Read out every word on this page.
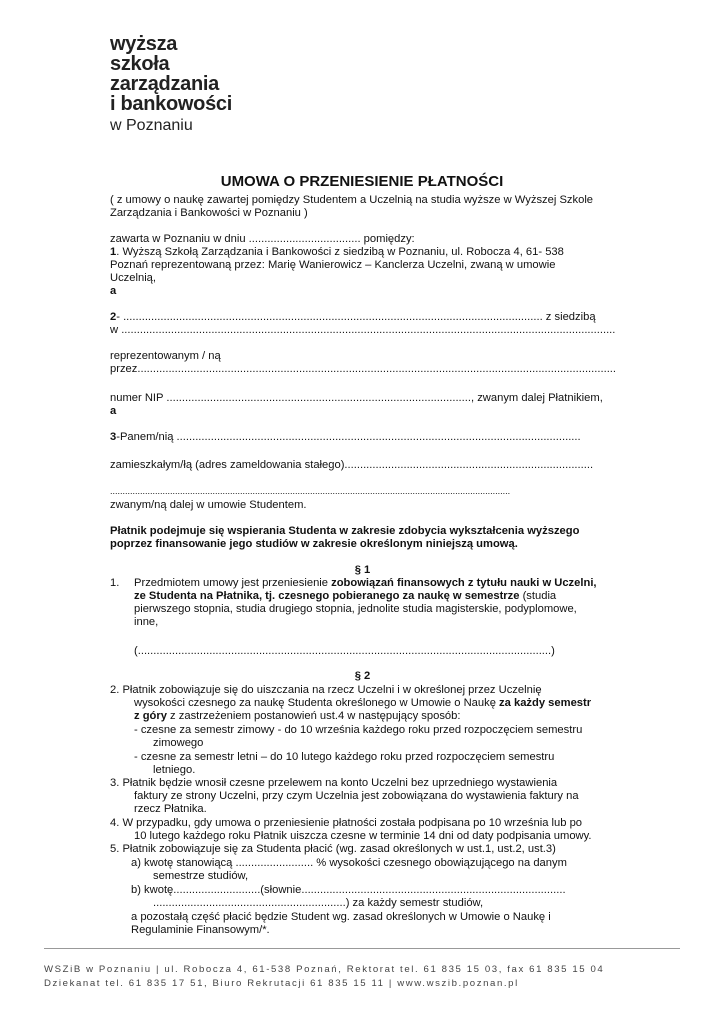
wyższa
szkoła
zarządzania
i bankowości
w Poznaniu
UMOWA O PRZENIESIENIE PŁATNOŚCI
( z umowy o naukę zawartej pomiędzy Studentem a Uczelnią na studia wyższe w Wyższej Szkole
Zarządzania i Bankowości w Poznaniu )
zawarta w Poznaniu w dniu .................................... pomiędzy:
1. Wyższą Szkołą Zarządzania i Bankowości z siedzibą w Poznaniu, ul. Robocza 4, 61- 538
Poznań reprezentowaną przez: Marię Wanierowicz – Kanclerza Uczelni, zwaną w umowie
Uczelnią,
a
2- ....................................................................................................................................... z siedzibą
w ...............................................................................................................................................................
reprezentowanym / ną
przez..........................................................................................................................................................
numer NIP .................................................................................................., zwanym dalej Płatnikiem,
a
3-Panem/nią ..................................................................................................................................
zamieszkałym/łą (adres zameldowania stałego)................................................................................
................................................................................................................................................................
zwanym/ną dalej w umowie Studentem.
Płatnik podejmuje się wspierania Studenta w zakresie zdobycia wykształcenia wyższego
poprzez finansowanie jego studiów w zakresie określonym niniejszą umową.
§ 1
1. Przedmiotem umowy jest przeniesienie zobowiązań finansowych z tytułu nauki w Uczelni,
ze Studenta na Płatnika, tj. czesnego pobieranego za naukę w semestrze (studia
pierwszego stopnia, studia drugiego stopnia, jednolite studia magisterskie, podyplomowe,
inne,
(.....................................................................................................................................)
§ 2
2. Płatnik zobowiązuje się do uiszczania na rzecz Uczelni i w określonej przez Uczelnię
wysokości czesnego za naukę Studenta określonego w Umowie o Naukę za każdy semestr
z góry z zastrzeżeniem postanowień ust.4 w następujący sposób:
- czesne za semestr zimowy - do 10 września każdego roku przed rozpoczęciem semestru
zimowego
- czesne za semestr letni – do 10 lutego każdego roku przed rozpoczęciem semestru
letniego.
3. Płatnik będzie wnosił czesne przelewem na konto Uczelni bez uprzedniego wystawienia
faktury ze strony Uczelni, przy czym Uczelnia jest zobowiązana do wystawienia faktury na
rzecz Płatnika.
4. W przypadku, gdy umowa o przeniesienie płatności została podpisana po 10 września lub po
10 lutego każdego roku Płatnik uiszcza czesne w terminie 14 dni od daty podpisania umowy.
5. Płatnik zobowiązuje się za Studenta płacić (wg. zasad określonych w ust.1, ust.2, ust.3)
a) kwotę stanowiącą ......................... % wysokości czesnego obowiązującego na danym
semestrze studiów,
b) kwotę............................(słownie.....................................................................................
..............................................................) za każdy semestr studiów,
a pozostałą część płacić będzie Student wg. zasad określonych w Umowie o Naukę i
Regulaminie Finansowym/*.
WSZiB w Poznaniu | ul. Robocza 4, 61-538 Poznań, Rektorat tel. 61 835 15 03, fax 61 835 15 04
Dziekanat tel. 61 835 17 51, Biuro Rekrutacji 61 835 15 11 | www.wszib.poznan.pl
